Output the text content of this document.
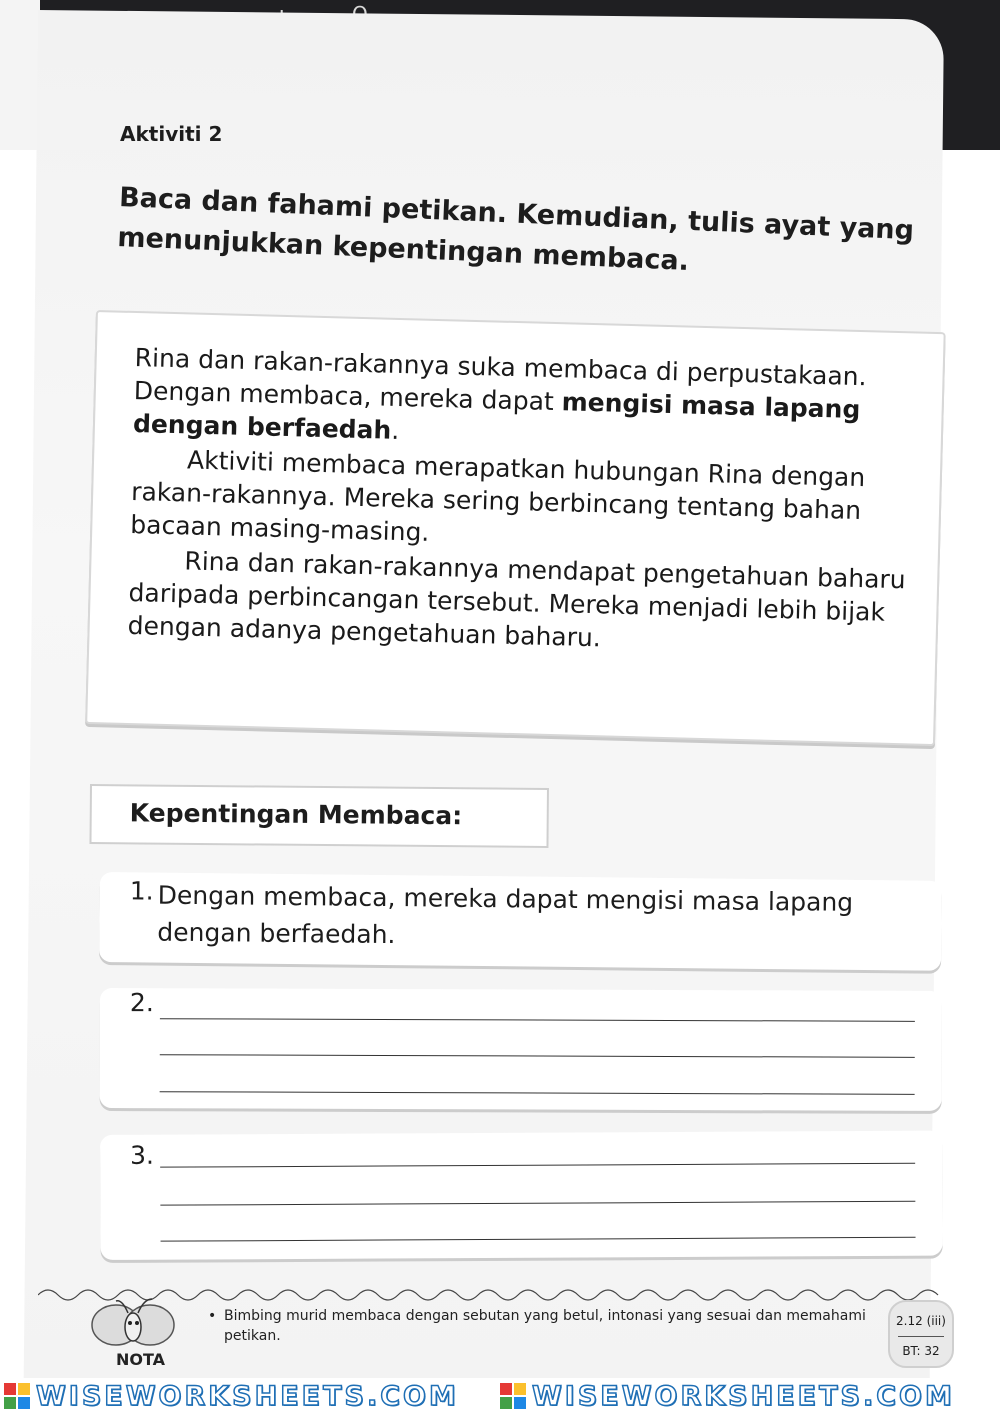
Aktiviti 2
Baca dan fahami petikan. Kemudian, tulis ayat yang menunjukkan kepentingan membaca.

Rina dan rakan-rakannya suka membaca di perpustakaan. Dengan membaca, mereka dapat mengisi masa lapang dengan berfaedah.

Aktiviti membaca merapatkan hubungan Rina dengan rakan-rakannya. Mereka sering berbincang tentang bahan bacaan masing-masing.

Rina dan rakan-rakannya mendapat pengetahuan baharu daripada perbincangan tersebut. Mereka menjadi lebih bijak dengan adanya pengetahuan baharu.

Kepentingan Membaca:
1. Dengan membaca, mereka dapat mengisi masa lapang dengan berfaedah.
2.
3.
NOTA
• Bimbing murid membaca dengan sebutan yang betul, intonasi yang sesuai dan memahami petikan.
2.12 (iii)
BT: 32
WISEWORKSHEETS.COM	WISEWORKSHEETS.COM
